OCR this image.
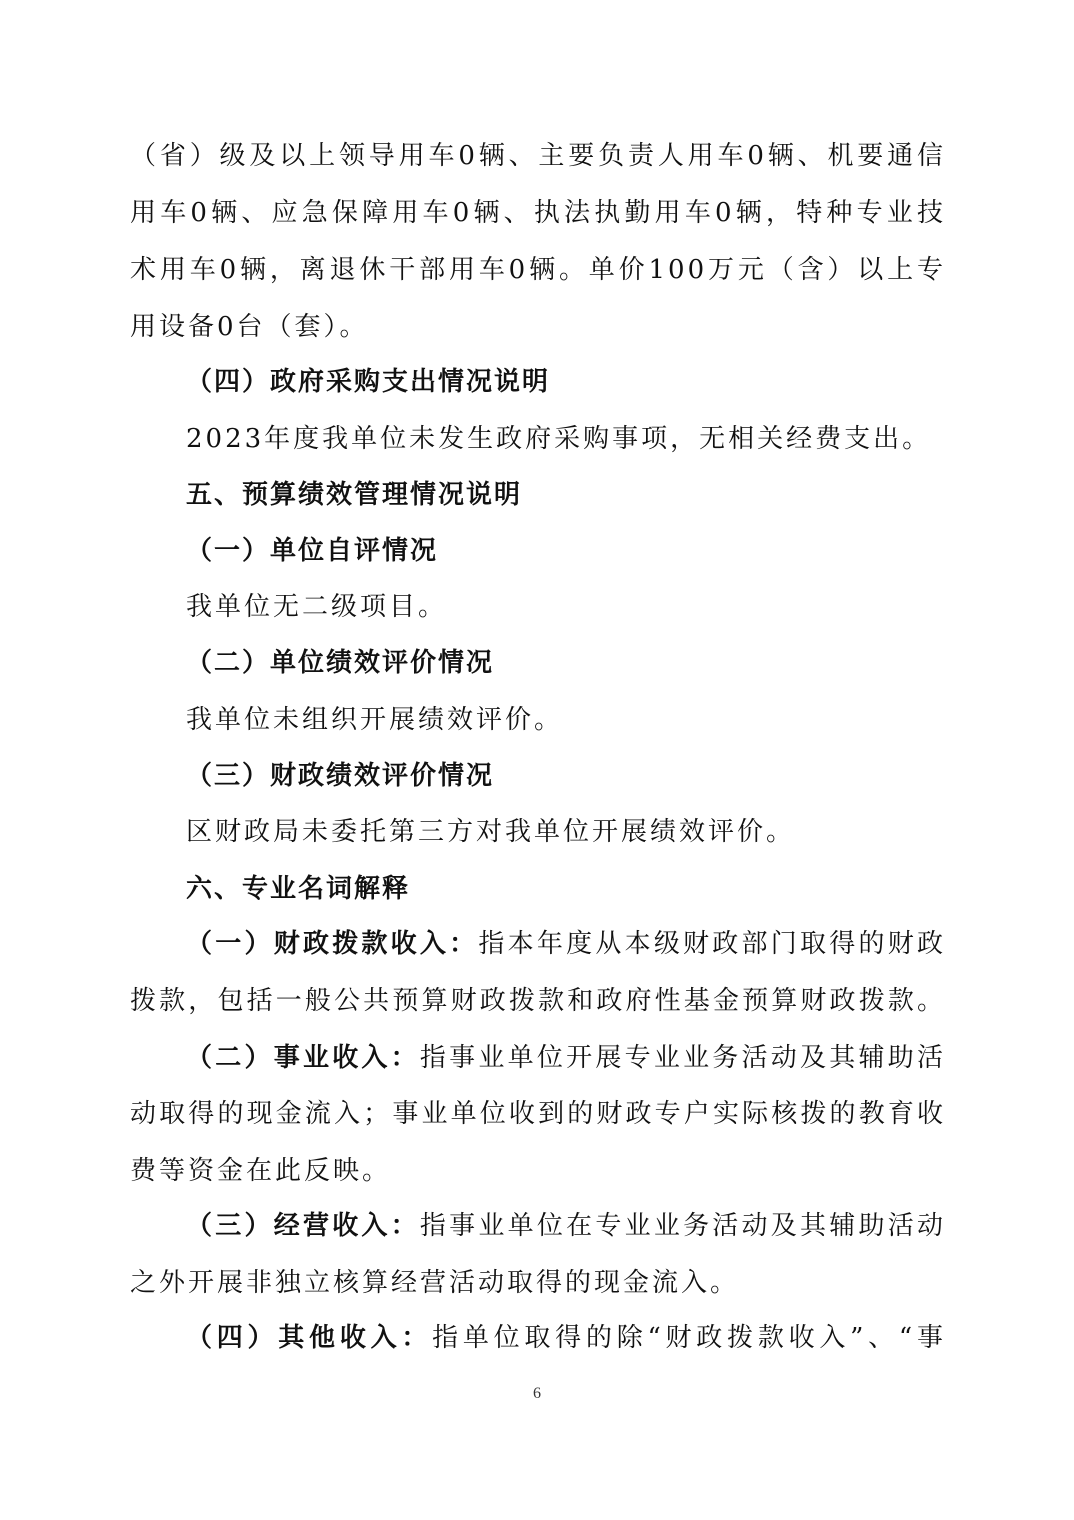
（省）级及以上领导用车0辆、主要负责人用车0辆、机要通信
用车0辆、应急保障用车0辆、执法执勤用车0辆，特种专业技
术用车0辆，离退休干部用车0辆。单价100万元（含）以上专
用设备0台（套）。
（四）政府采购支出情况说明
2023年度我单位未发生政府采购事项，无相关经费支出。
五、预算绩效管理情况说明
（一）单位自评情况
我单位无二级项目。
（二）单位绩效评价情况
我单位未组织开展绩效评价。
（三）财政绩效评价情况
区财政局未委托第三方对我单位开展绩效评价。
六、专业名词解释
（一）财政拨款收入：指本年度从本级财政部门取得的财政
拨款，包括一般公共预算财政拨款和政府性基金预算财政拨款。
（二）事业收入：指事业单位开展专业业务活动及其辅助活
动取得的现金流入；事业单位收到的财政专户实际核拨的教育收
费等资金在此反映。
（三）经营收入：指事业单位在专业业务活动及其辅助活动
之外开展非独立核算经营活动取得的现金流入。
（四）其他收入：指单位取得的除“财政拨款收入”、“事
6
